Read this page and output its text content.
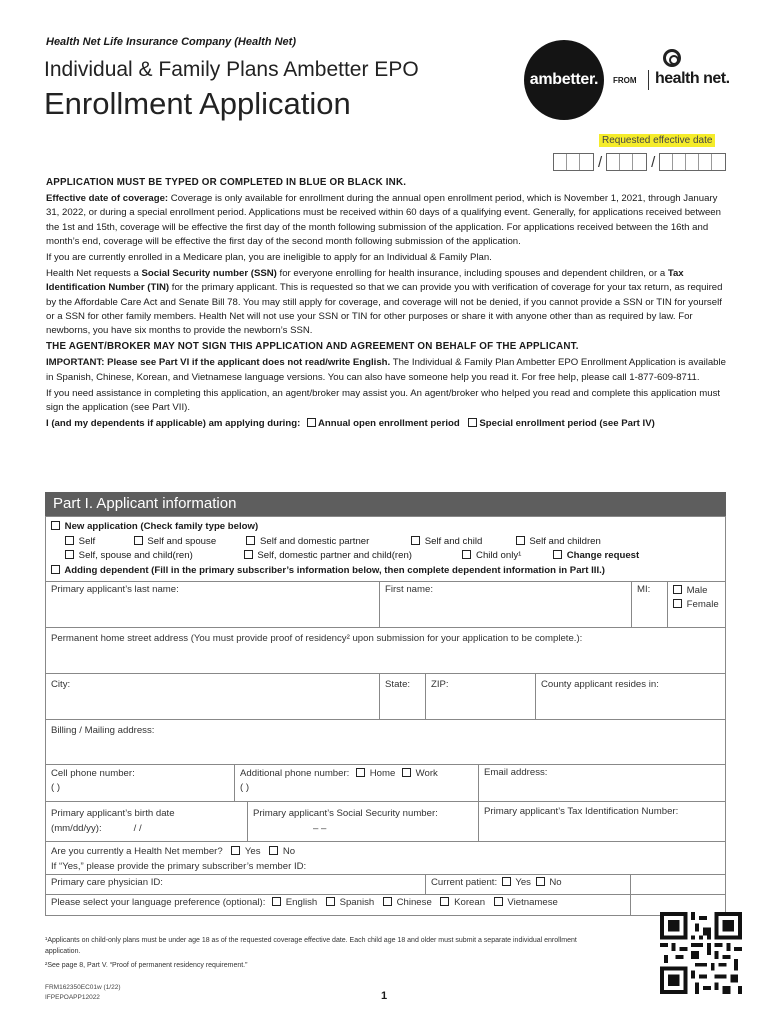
Health Net Life Insurance Company (Health Net)
Individual & Family Plans Ambetter EPO
Enrollment Application
ambetter. FROM health net.
Requested effective date
/	/

APPLICATION MUST BE TYPED OR COMPLETED IN BLUE OR BLACK INK.

Effective date of coverage: Coverage is only available for enrollment during the annual open enrollment period, which is November 1, 2021, through January 31, 2022, or during a special enrollment period. Applications must be received within 60 days of a qualifying event. Generally, for applications received between the 1st and 15th, coverage will be effective the first day of the month following submission of the application. For applications received between the 16th and month’s end, coverage will be effective the first day of the second month following submission of the application.

If you are currently enrolled in a Medicare plan, you are ineligible to apply for an Individual & Family Plan.

Health Net requests a Social Security number (SSN) for everyone enrolling for health insurance, including spouses and dependent children, or a Tax Identification Number (TIN) for the primary applicant. This is requested so that we can provide you with verification of coverage for your tax return, as required by the Affordable Care Act and Senate Bill 78. You may still apply for coverage, and coverage will not be denied, if you cannot provide a SSN or TIN for yourself or a SSN for other family members. Health Net will not use your SSN or TIN for other purposes or share it with anyone other than as required by law. For newborns, you have six months to provide the newborn’s SSN.

THE AGENT/BROKER MAY NOT SIGN THIS APPLICATION AND AGREEMENT ON BEHALF OF THE APPLICANT.

IMPORTANT: Please see Part VI if the applicant does not read/write English. The Individual & Family Plan Ambetter EPO Enrollment Application is available in Spanish, Chinese, Korean, and Vietnamese language versions. You can also have someone help you read it. For free help, please call 1-877-609-8711.

If you need assistance in completing this application, an agent/broker may assist you. An agent/broker who helped you read and complete this application must sign the application (see Part VII).

I (and my dependents if applicable) am applying during: Annual open enrollment period Special enrollment period (see Part IV)

Part I. Applicant information
New application (Check family type below)
Self	Self and spouse	Self and domestic partner	Self and child	Self and children
Self, spouse and child(ren)	Self, domestic partner and child(ren)	Child only¹	Change request
Adding dependent (Fill in the primary subscriber’s information below, then complete dependent information in Part III.)
Primary applicant’s last name:	First name:	MI:	Male
Female
Permanent home street address (You must provide proof of residency² upon submission for your application to be complete.):
City:	State:	ZIP:	County applicant resides in:
Billing / Mailing address:
Cell phone number:
( )
Additional phone number: Home Work
( )
Email address:
Primary applicant’s birth date
(mm/dd/yy):	/ /
Primary applicant’s Social Security number:
– –
Primary applicant’s Tax Identification Number:
Are you currently a Health Net member? Yes No
If “Yes,” please provide the primary subscriber’s member ID:
Primary care physician ID:	Current patient: Yes No
Please select your language preference (optional): English Spanish Chinese Korean Vietnamese
¹Applicants on child-only plans must be under age 18 as of the requested coverage effective date. Each child age 18 and older must submit a separate individual enrollment application.
²See page 8, Part V. “Proof of permanent residency requirement.”
FRM162350EC01w (1/22)
IFPEPOAPP12022	1
